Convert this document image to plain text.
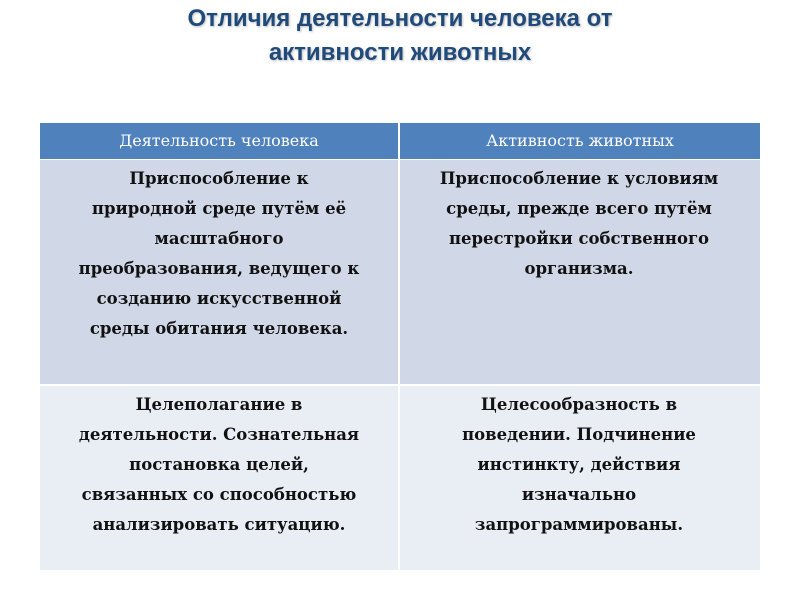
Отличия деятельности человека от
активности животных
Деятельность человека	Активность животных
Приспособление к
природной среде путём её
масштабного
преобразования, ведущего к
созданию искусственной
среды обитания человека.
Приспособление к условиям
среды, прежде всего путём
перестройки собственного
организма.
Целеполагание в
деятельности. Сознательная
постановка целей,
связанных со способностью
анализировать ситуацию.
Целесообразность в
поведении. Подчинение
инстинкту, действия
изначально
запрограммированы.
